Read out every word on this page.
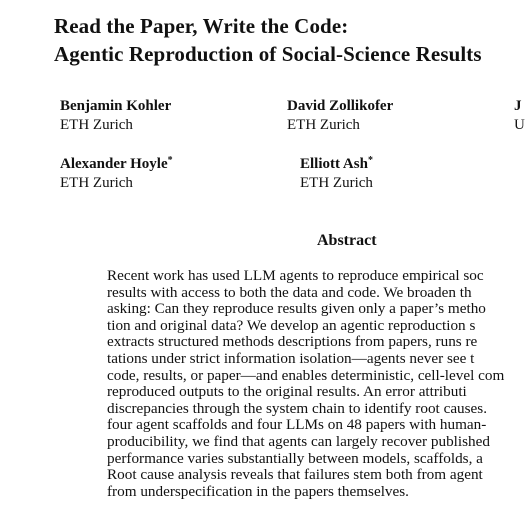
Read the Paper, Write the Code:
Agentic Reproduction of Social-Science Results
Benjamin Kohler
ETH Zurich
David Zollikofer
ETH Zurich
J
U
Alexander Hoyle*
ETH Zurich
Elliott Ash*
ETH Zurich
Abstract
Recent work has used LLM agents to reproduce empirical soc
results with access to both the data and code. We broaden th
asking: Can they reproduce results given only a paper’s metho
tion and original data? We develop an agentic reproduction s
extracts structured methods descriptions from papers, runs re
tations under strict information isolation—agents never see t
code, results, or paper—and enables deterministic, cell-level com
reproduced outputs to the original results. An error attributi
discrepancies through the system chain to identify root causes.
four agent scaffolds and four LLMs on 48 papers with human-
producibility, we find that agents can largely recover published
performance varies substantially between models, scaffolds, a
Root cause analysis reveals that failures stem both from agent
from underspecification in the papers themselves.
